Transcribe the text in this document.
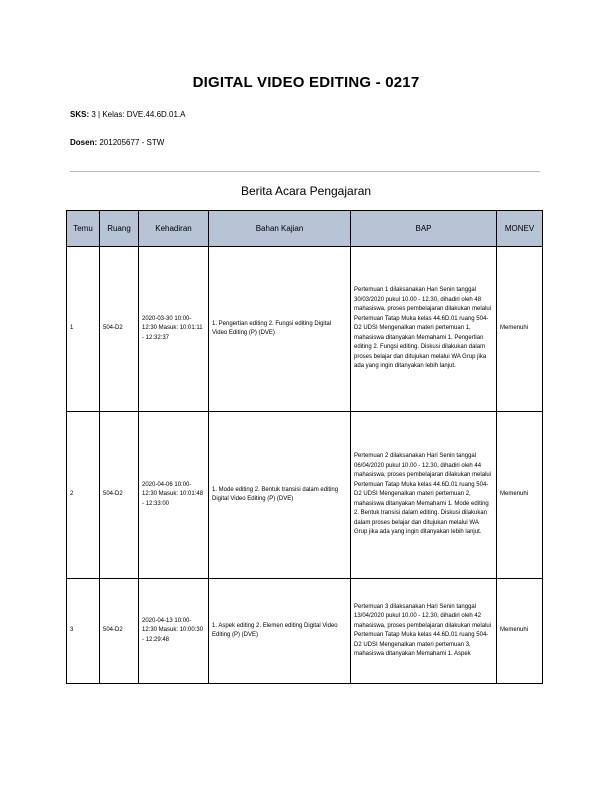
DIGITAL VIDEO EDITING - 0217
SKS: 3 | Kelas: DVE.44.6D.01.A
Dosen: 201205677 - STW
Berita Acara Pengajaran
Temu	Ruang	Kehadiran	Bahan Kajian	BAP	MONEV
1	504-D2	2020-03-30 10:00-12:30 Masuk: 10:01:11 - 12:32:37	1. Pengertian editing 2. Fungsi editing Digital Video Editing (P) (DVE)	Pertemuan 1 dilaksanakan Hari Senin tanggal 30/03/2020 pukul 10.00 - 12.30, dihadiri oleh 48 mahasiswa, proses pembelajaran dilakukan melalui Pertemuan Tatap Muka kelas 44.6D.01 ruang 504-D2 UDSI Mengenalkan materi pertemuan 1, mahasiswa ditanyakan Memahami 1. Pengertian editing 2. Fungsi editing. Diskusi dilakukan dalam proses belajar dan ditujukan melalui WA Grup jika ada yang ingin ditanyakan lebih lanjut.	Memenuhi
2	504-D2	2020-04-06 10:00-12:30 Masuk: 10:01:48 - 12:33:00	1. Mode editing 2. Bentuk transisi dalam editing Digital Video Editing (P) (DVE)	Pertemuan 2 dilaksanakan Hari Senin tanggal 06/04/2020 pukul 10.00 - 12.30, dihadiri oleh 44 mahasiswa, proses pembelajaran dilakukan melalui Pertemuan Tatap Muka kelas 44.6D.01 ruang 504-D2 UDSI Mengenalkan materi pertemuan 2, mahasiswa ditanyakan Memahami 1. Mode editing 2. Bentuk transisi dalam editing. Diskusi dilakukan dalam proses belajar dan ditujukan melalui WA Grup jika ada yang ingin ditanyakan lebih lanjut.	Memenuhi
3	504-D2	2020-04-13 10:00-12:30 Masuk: 10:00:30 - 12:29:48	1. Aspek editing 2. Elemen editing Digital Video Editing (P) (DVE)	Pertemuan 3 dilaksanakan Hari Senin tanggal 13/04/2020 pukul 10.00 - 12.30, dihadiri oleh 42 mahasiswa, proses pembelajaran dilakukan melalui Pertemuan Tatap Muka kelas 44.6D.01 ruang 504-D2 UDSI Mengenalkan materi pertemuan 3, mahasiswa ditanyakan Memahami 1. Aspek	Memenuhi
